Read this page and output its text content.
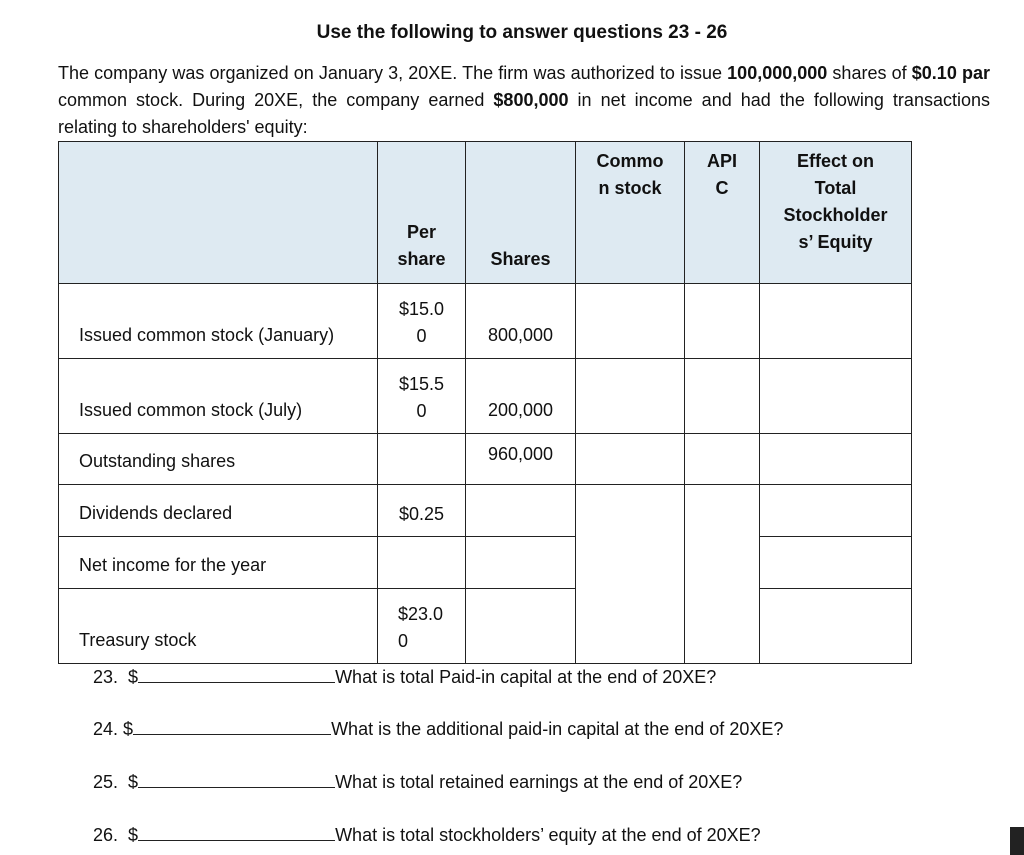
Use the following to answer questions 23 - 26
The company was organized on January 3, 20XE. The firm was authorized to issue 100,000,000 shares of $0.10 par common stock. During 20XE, the company earned $800,000 in net income and had the following transactions relating to shareholders' equity:
	Per
share	Shares	Commo
n stock	API
C	Effect on
Total
Stockholder
s’ Equity
Issued common stock (January)	$15.0
0	800,000			
Issued common stock (July)	$15.5
0	200,000			
Outstanding shares		960,000			
Dividends declared	$0.25				
Net income for the year					
Treasury stock	$23.0
0				
23. $	What is total Paid-in capital at the end of 20XE?
24. $	What is the additional paid-in capital at the end of 20XE?
25. $	What is total retained earnings at the end of 20XE?
26. $	What is total stockholders’ equity at the end of 20XE?
